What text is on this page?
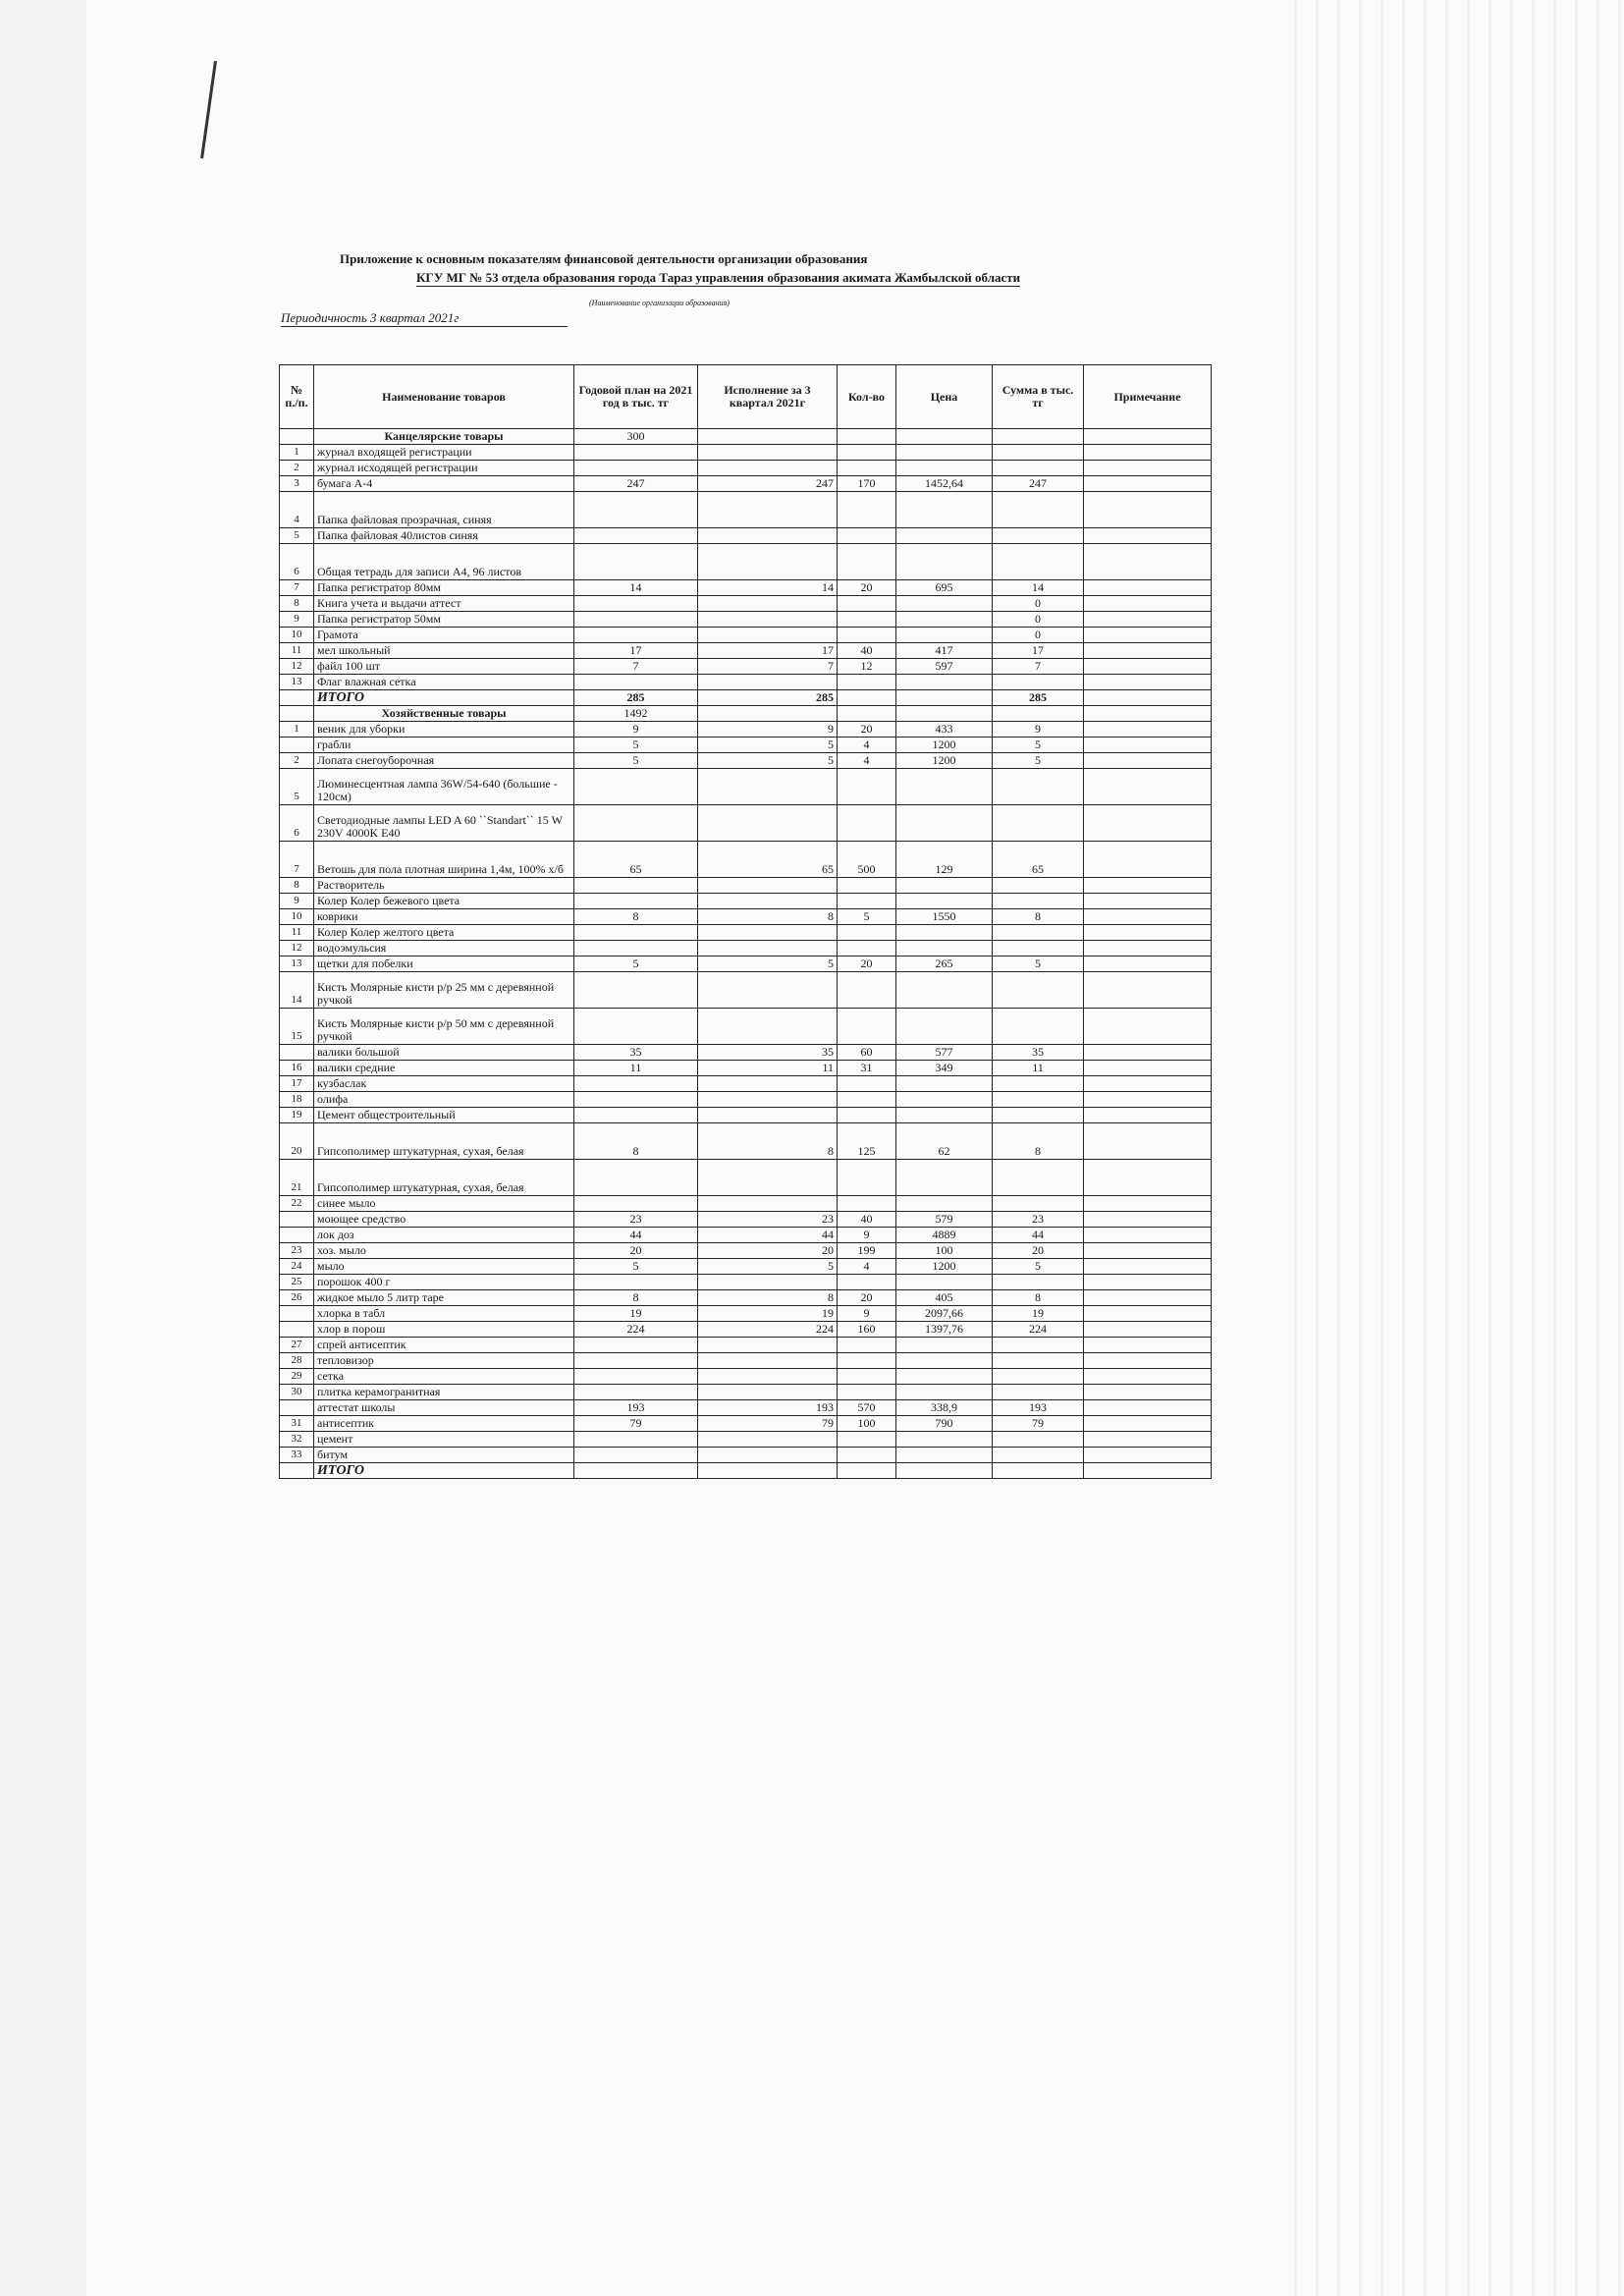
Приложение к основным показателям финансовой деятельности организации образования
КГУ МГ № 53 отдела образования города Тараз управления образования акимата Жамбылской области
(Наименование организации образования)
Периодичность 3 квартал 2021г
№ п./п.	Наименование товаров	Годовой план на 2021 год в тыс. тг	Исполнение за 3 квартал 2021г	Кол-во	Цена	Сумма в тыс. тг	Примечание
	Канцелярские товары	300					
1	журнал входящей регистрации						
2	журнал исходящей регистрации						
3	бумага А-4	247	247	170	1452,64	247	
4	Папка файловая прозрачная, синяя						
5	Папка файловая 40листов синяя						
6	Общая тетрадь для записи А4, 96 листов						
7	Папка регистратор 80мм	14	14	20	695	14	
8	Книга учета и выдачи аттест					0	
9	Папка регистратор 50мм					0	
10	Грамота					0	
11	мел школьный	17	17	40	417	17	
12	файл 100 шт	7	7	12	597	7	
13	Флаг влажная сетка						
	ИТОГО	285	285			285	
	Хозяйственные товары	1492					
1	веник для уборки	9	9	20	433	9	
	грабли	5	5	4	1200	5	
2	Лопата снегоуборочная	5	5	4	1200	5	
5	Люминесцентная лампа 36W/54-640 (большие - 120см)						
6	Светодиодные лампы LED A 60 ``Standart`` 15 W 230V 4000K E40						
7	Ветошь для пола плотная ширина 1,4м, 100% х/б	65	65	500	129	65	
8	Растворитель						
9	Колер Колер бежевого цвета						
10	коврики	8	8	5	1550	8	
11	Колер Колер желтого цвета						
12	водоэмульсия						
13	щетки для побелки	5	5	20	265	5	
14	Кисть Молярные кисти р/р 25 мм с деревянной ручкой						
15	Кисть Молярные кисти р/р 50 мм с деревянной ручкой						
	валики большой	35	35	60	577	35	
16	валики средние	11	11	31	349	11	
17	кузбаслак						
18	олифа						
19	Цемент общестроительный						
20	Гипсополимер штукатурная, сухая, белая	8	8	125	62	8	
21	Гипсополимер штукатурная, сухая, белая						
22	синее мыло						
	моющее средство	23	23	40	579	23	
	лок доз	44	44	9	4889	44	
23	хоз. мыло	20	20	199	100	20	
24	мыло	5	5	4	1200	5	
25	порошок 400 г						
26	жидкое мыло 5 литр таре	8	8	20	405	8	
	хлорка в табл	19	19	9	2097,66	19	
	хлор в порош	224	224	160	1397,76	224	
27	спрей антисептик						
28	тепловизор						
29	сетка						
30	плитка керамогранитная						
	аттестат школы	193	193	570	338,9	193	
31	антисептик	79	79	100	790	79	
32	цемент						
33	битум						
	ИТОГО						
